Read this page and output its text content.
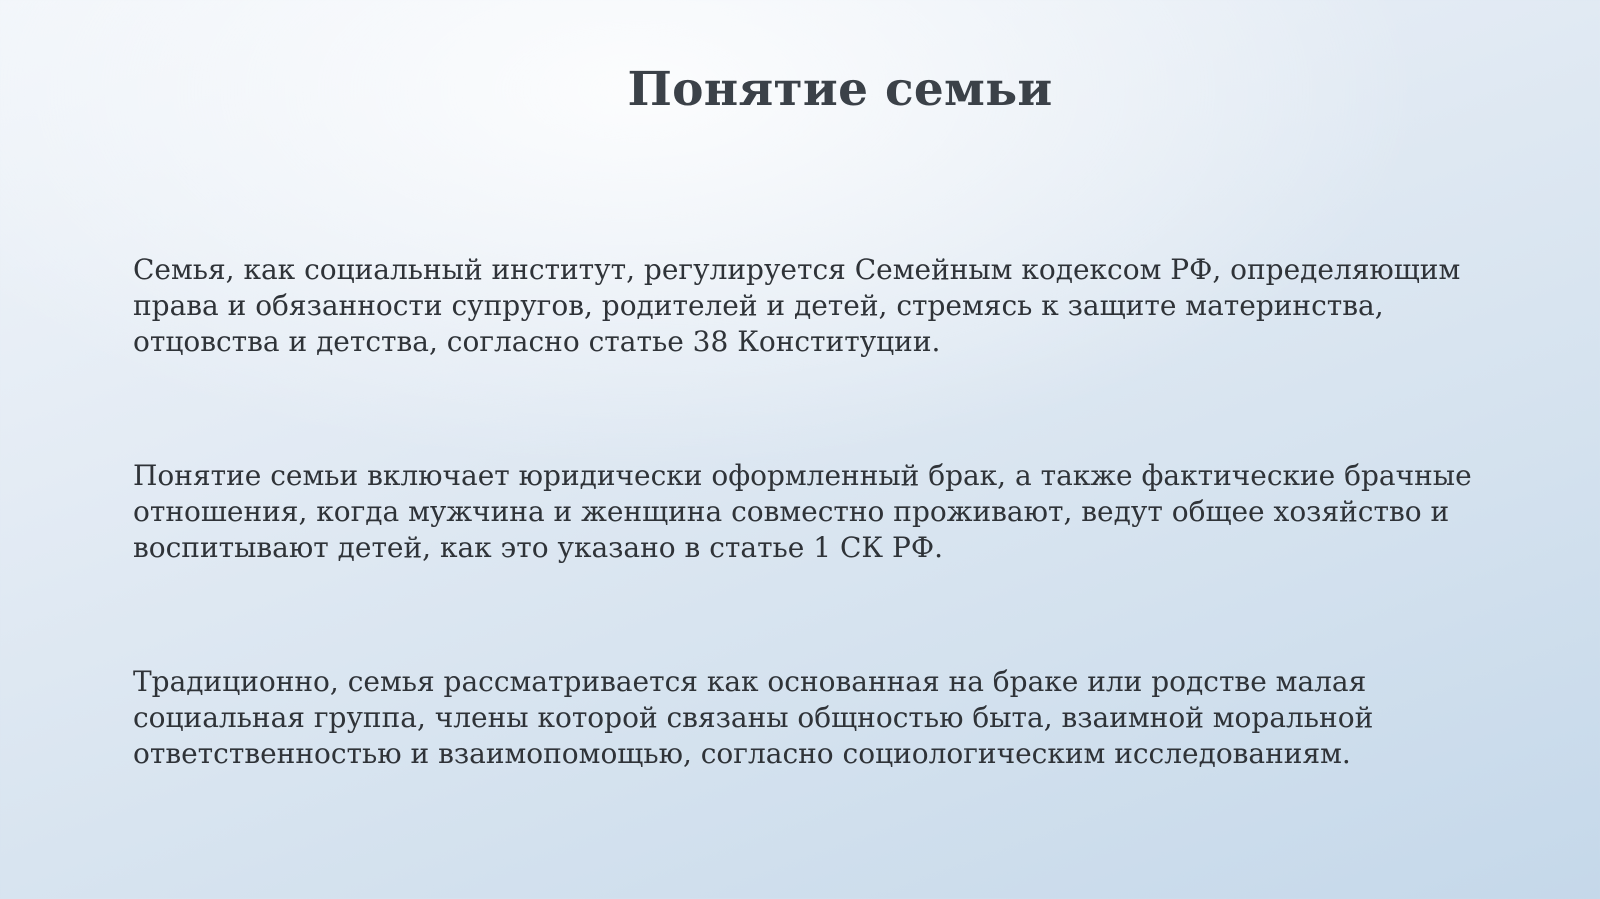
Понятие семьи

Семья, как социальный институт, регулируется Семейным кодексом РФ, определяющим права и обязанности супругов, родителей и детей, стремясь к защите материнства, отцовства и детства, согласно статье 38 Конституции.

Понятие семьи включает юридически оформленный брак, а также фактические брачные отношения, когда мужчина и женщина совместно проживают, ведут общее хозяйство и воспитывают детей, как это указано в статье 1 СК РФ.

Традиционно, семья рассматривается как основанная на браке или родстве малая социальная группа, члены которой связаны общностью быта, взаимной моральной ответственностью и взаимопомощью, согласно социологическим исследованиям.
